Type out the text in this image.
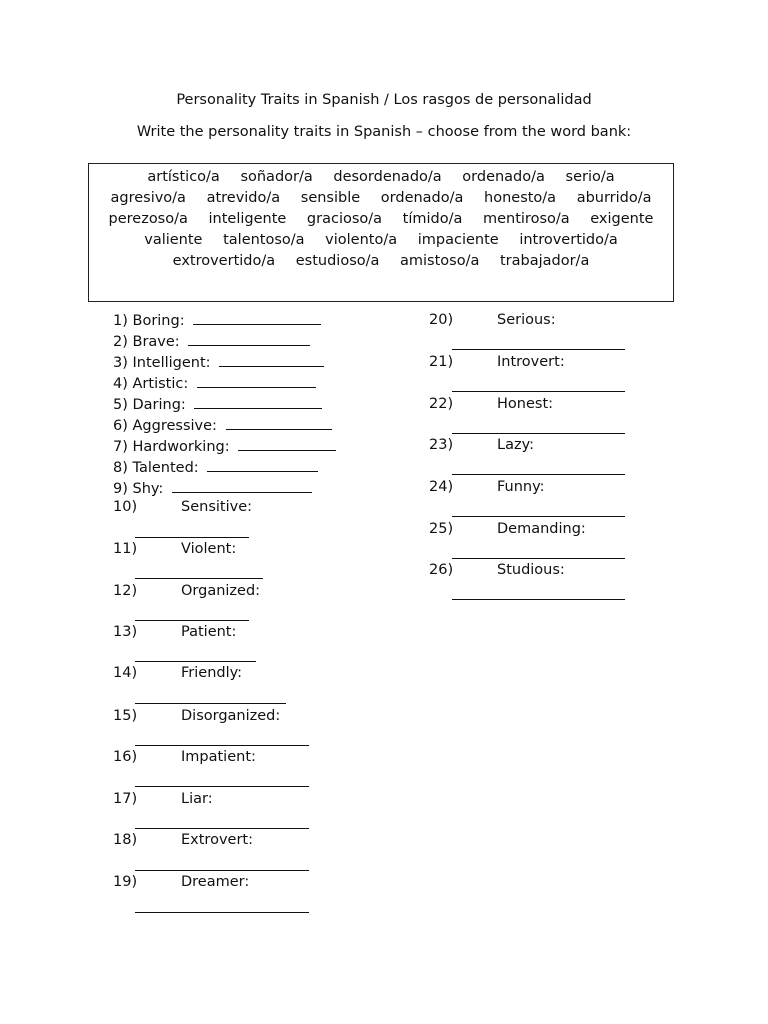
Personality Traits in Spanish / Los rasgos de personalidad
Write the personality traits in Spanish – choose from the word bank:
artístico/a soñador/a desordenado/a ordenado/a serio/a
agresivo/a atrevido/a sensible ordenado/a honesto/a aburrido/a
perezoso/a inteligente gracioso/a tímido/a mentiroso/a exigente
valiente talentoso/a violento/a impaciente introvertido/a
extrovertido/a estudioso/a amistoso/a trabajador/a
1) Boring:
2) Brave:
3) Intelligent:
4) Artistic:
5) Daring:
6) Aggressive:
7) Hardworking:
8) Talented:
9) Shy:
10)	Sensitive:
11)	Violent:
12)	Organized:
13)	Patient:
14)	Friendly:
15)	Disorganized:
16)	Impatient:
17)	Liar:
18)	Extrovert:
19)	Dreamer:
20)	Serious:
21)	Introvert:
22)	Honest:
23)	Lazy:
24)	Funny:
25)	Demanding:
26)	Studious:
